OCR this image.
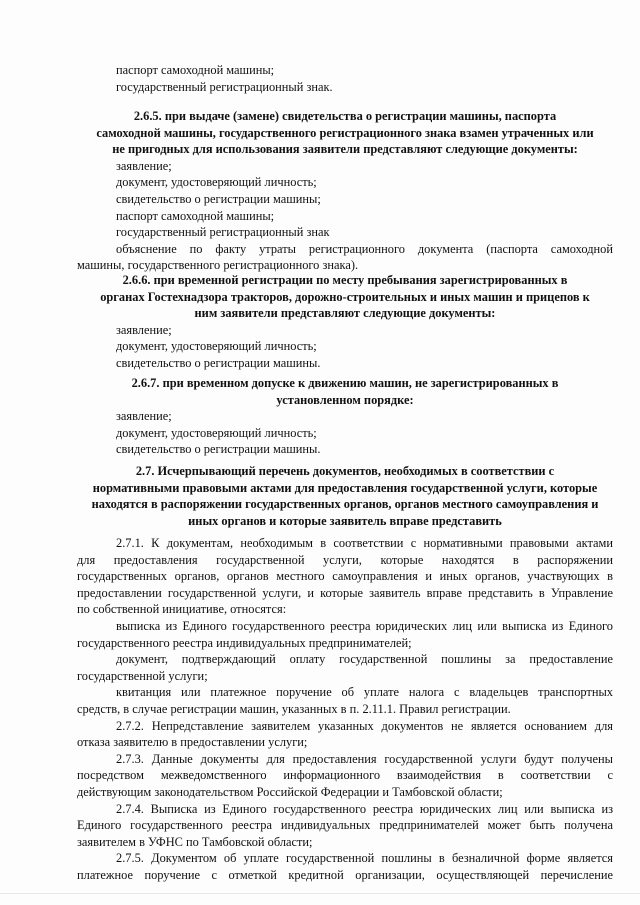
паспорт самоходной машины;
государственный регистрационный знак.
2.6.5. при выдаче (замене) свидетельства о регистрации машины, паспорта
самоходной машины, государственного регистрационного знака взамен утраченных или
не пригодных для использования заявители представляют следующие документы:
заявление;
документ, удостоверяющий личность;
свидетельство о регистрации машины;
паспорт самоходной машины;
государственный регистрационный знак
объяснение по факту утраты регистрационного документа (паспорта самоходной
машины, государственного регистрационного знака).
2.6.6. при временной регистрации по месту пребывания зарегистрированных в
органах Гостехнадзора тракторов, дорожно-строительных и иных машин и прицепов к
ним заявители представляют следующие документы:
заявление;
документ, удостоверяющий личность;
свидетельство о регистрации машины.
2.6.7. при временном допуске к движению машин, не зарегистрированных в
установленном порядке:
заявление;
документ, удостоверяющий личность;
свидетельство о регистрации машины.
2.7. Исчерпывающий перечень документов, необходимых в соответствии с
нормативными правовыми актами для предоставления государственной услуги, которые
находятся в распоряжении государственных органов, органов местного самоуправления и
иных органов и которые заявитель вправе представить
2.7.1. К документам, необходимым в соответствии с нормативными правовыми актами
для предоставления государственной услуги, которые находятся в распоряжении
государственных органов, органов местного самоуправления и иных органов, участвующих в
предоставлении государственной услуги, и которые заявитель вправе представить в Управление
по собственной инициативе, относятся:
выписка из Единого государственного реестра юридических лиц или выписка из Единого
государственного реестра индивидуальных предпринимателей;
документ, подтверждающий оплату государственной пошлины за предоставление
государственной услуги;
квитанция или платежное поручение об уплате налога с владельцев транспортных
средств, в случае регистрации машин, указанных в п. 2.11.1. Правил регистрации.
2.7.2. Непредставление заявителем указанных документов не является основанием для
отказа заявителю в предоставлении услуги;
2.7.3. Данные документы для предоставления государственной услуги будут получены
посредством межведомственного информационного взаимодействия в соответствии с
действующим законодательством Российской Федерации и Тамбовской области;
2.7.4. Выписка из Единого государственного реестра юридических лиц или выписка из
Единого государственного реестра индивидуальных предпринимателей может быть получена
заявителем в УФНС по Тамбовской области;
2.7.5. Документом об уплате государственной пошлины в безналичной форме является
платежное поручение с отметкой кредитной организации, осуществляющей перечисление
